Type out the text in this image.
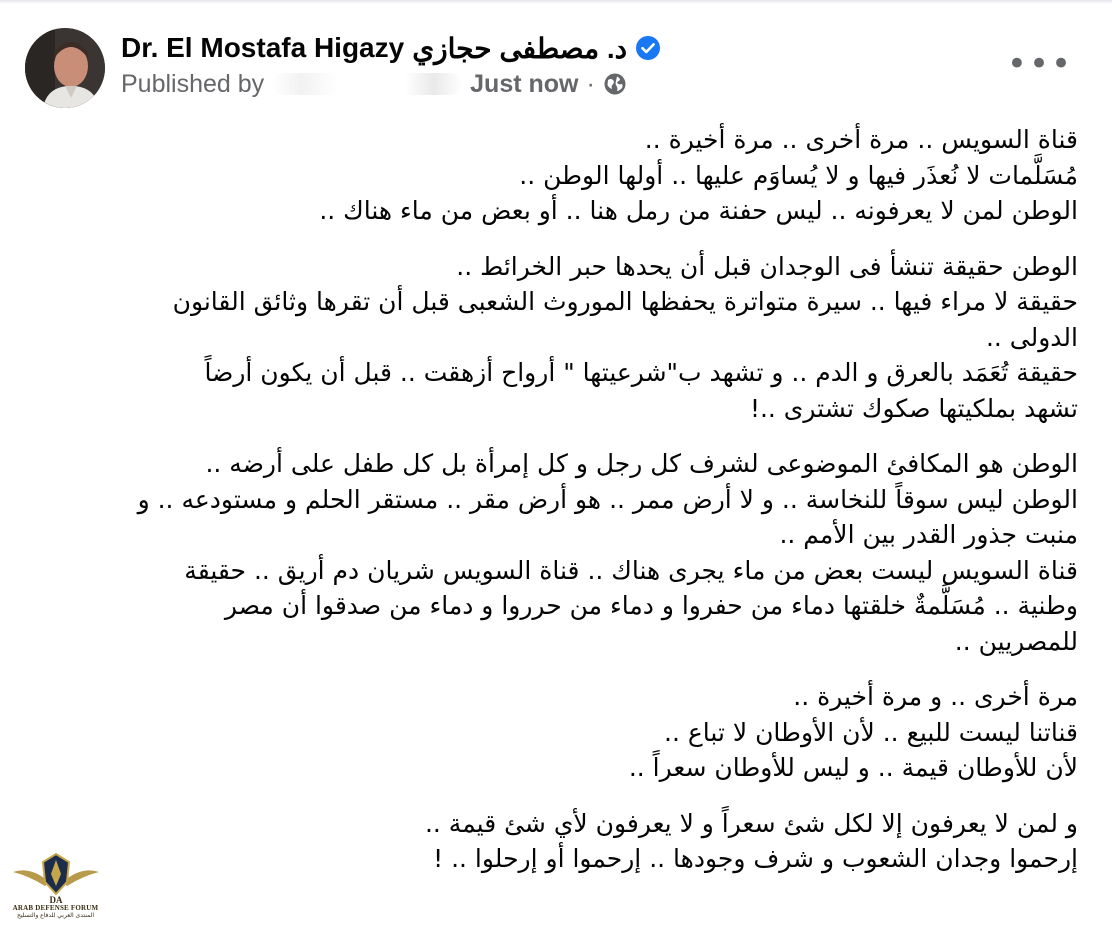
Dr. El Mostafa Higazy د. مصطفى حجازي
Published by	Just now ·	•••
قناة السويس .. مرة أخرى .. مرة أخيرة ..
مُسَلَّمات لا نُعذَر فيها و لا يُساوَم عليها .. أولها الوطن ..
الوطن لمن لا يعرفونه .. ليس حفنة من رمل هنا .. أو بعض من ماء هناك ..
الوطن حقيقة تنشأ فى الوجدان قبل أن يحدها حبر الخرائط ..
حقيقة لا مراء فيها .. سيرة متواترة يحفظها الموروث الشعبى قبل أن تقرها وثائق القانون
الدولى ..
حقيقة تُعَمَد بالعرق و الدم .. و تشهد ب"شرعيتها " أرواح أزهقت .. قبل أن يكون أرضاً
تشهد بملكيتها صكوك تشترى ..!
الوطن هو المكافئ الموضوعى لشرف كل رجل و كل إمرأة بل كل طفل على أرضه ..
الوطن ليس سوقاً للنخاسة .. و لا أرض ممر .. هو أرض مقر .. مستقر الحلم و مستودعه .. و
منبت جذور القدر بين الأمم ..
قناة السويس ليست بعض من ماء يجرى هناك .. قناة السويس شريان دم أريق .. حقيقة
وطنية .. مُسَلَّمةٌ خلقتها دماء من حفروا و دماء من حرروا و دماء من صدقوا أن مصر
للمصريين ..
مرة أخرى .. و مرة أخيرة ..
قناتنا ليست للبيع .. لأن الأوطان لا تباع ..
لأن للأوطان قيمة .. و ليس للأوطان سعراً ..
و لمن لا يعرفون إلا لكل شئ سعراً و لا يعرفون لأي شئ قيمة ..
إرحموا وجدان الشعوب و شرف وجودها .. إرحموا أو إرحلوا .. !
DA
ARAB DEFENSE FORUM
المنتدى العربي للدفاع والتسليح
